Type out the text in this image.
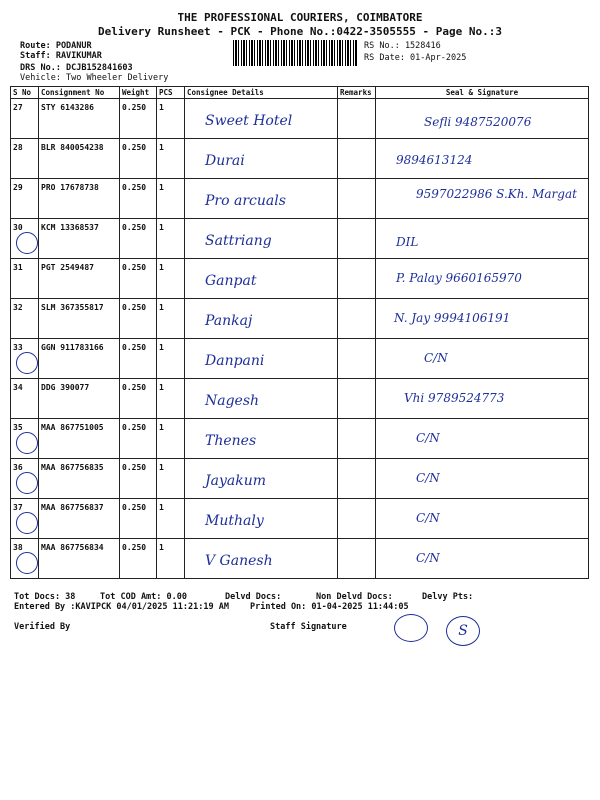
THE PROFESSIONAL COURIERS, COIMBATORE
Delivery Runsheet - PCK - Phone No.:0422-3505555 - Page No.:3
Route: PODANUR
Staff: RAVIKUMAR
DRS No.: DCJB152841603
RS No.: 1528416
RS Date: 01-Apr-2025
Vehicle: Two Wheeler Delivery
S No	Consignment No	Weight	PCS	Consignee Details	Remarks	Seal & Signature
27	STY 6143286	0.250	1	Sweet Hotel		Sefli 9487520076

28	BLR 840054238	0.250	1	Durai		9894613124

29	PRO 17678738	0.250	1	Pro arcuals		9597022986 S.Kh. Margat

30	KCM 13368537	0.250	1	Sattriang		DIL

31	PGT 2549487	0.250	1	Ganpat		P. Palay 9660165970

32	SLM 367355817	0.250	1	Pankaj		N. Jay 9994106191

33	GGN 911783166	0.250	1	Danpani		C/N

34	DDG 390077	0.250	1	Nagesh		Vhi 9789524773

35	MAA 867751005	0.250	1	Thenes		C/N

36	MAA 867756835	0.250	1	Jayakum		C/N

37	MAA 867756837	0.250	1	Muthaly		C/N

38	MAA 867756834	0.250	1	V Ganesh		C/N
Tot Docs: 38	Tot COD Amt: 0.00	Delvd Docs:	Non Delvd Docs:	Delvy Pts:
Entered By :KAVIPCK 04/01/2025 11:21:19 AM Printed On: 01-04-2025 11:44:05
Verified By	Staff Signature	S
